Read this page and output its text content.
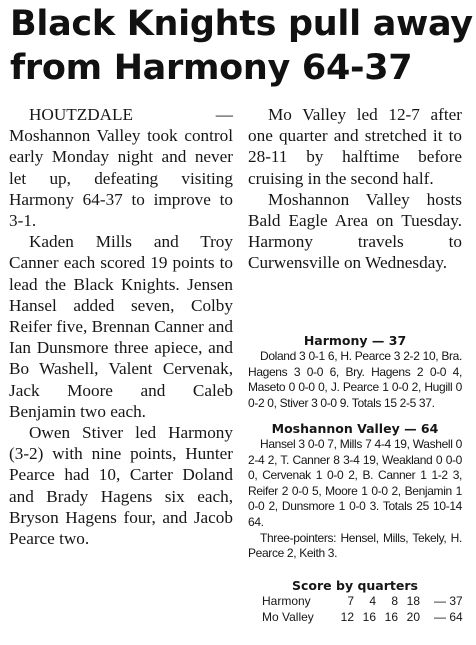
Black Knights pull away
from Harmony 64-37

HOUTZDALE — Moshannon Valley took control early Monday night and never let up, defeating visiting Harmony 64-37 to improve to 3-1.

Kaden Mills and Troy Canner each scored 19 points to lead the Black Knights. Jensen Hansel added seven, Colby Reifer five, Brennan Canner and Ian Dunsmore three apiece, and Bo Washell, Valent Cervenak, Jack Moore and Caleb Benjamin two each.

Owen Stiver led Harmony (3-2) with nine points, Hunter Pearce had 10, Carter Doland and Brady Hagens six each, Bryson Hagens four, and Jacob Pearce two.

Mo Valley led 12-7 after one quarter and stretched it to 28-11 by halftime before cruising in the second half.

Moshannon Valley hosts Bald Eagle Area on Tuesday. Harmony travels to Curwensville on Wednesday.

Harmony — 37
Doland 3 0-1 6, H. Pearce 3 2-2 10, Bra. Hagens 3 0-0 6, Bry. Hagens 2 0-0 4, Maseto 0 0-0 0, J. Pearce 1 0-0 2, Hugill 0 0-2 0, Stiver 3 0-0 9. Totals 15 2-5 37.
Moshannon Valley — 64
Hansel 3 0-0 7, Mills 7 4-4 19, Washell 0 2-4 2, T. Canner 8 3-4 19, Weakland 0 0-0 0, Cervenak 1 0-0 2, B. Canner 1 1-2 3, Reifer 2 0-0 5, Moore 1 0-0 2, Benjamin 1 0-0 2, Dunsmore 1 0-0 3. Totals 25 10-14 64.
Three-pointers: Hensel, Mills, Tekely, H. Pearce 2, Keith 3.
Score by quarters
Harmony	7	4	8	18	— 37
Mo Valley	12	16	16	20	— 64
